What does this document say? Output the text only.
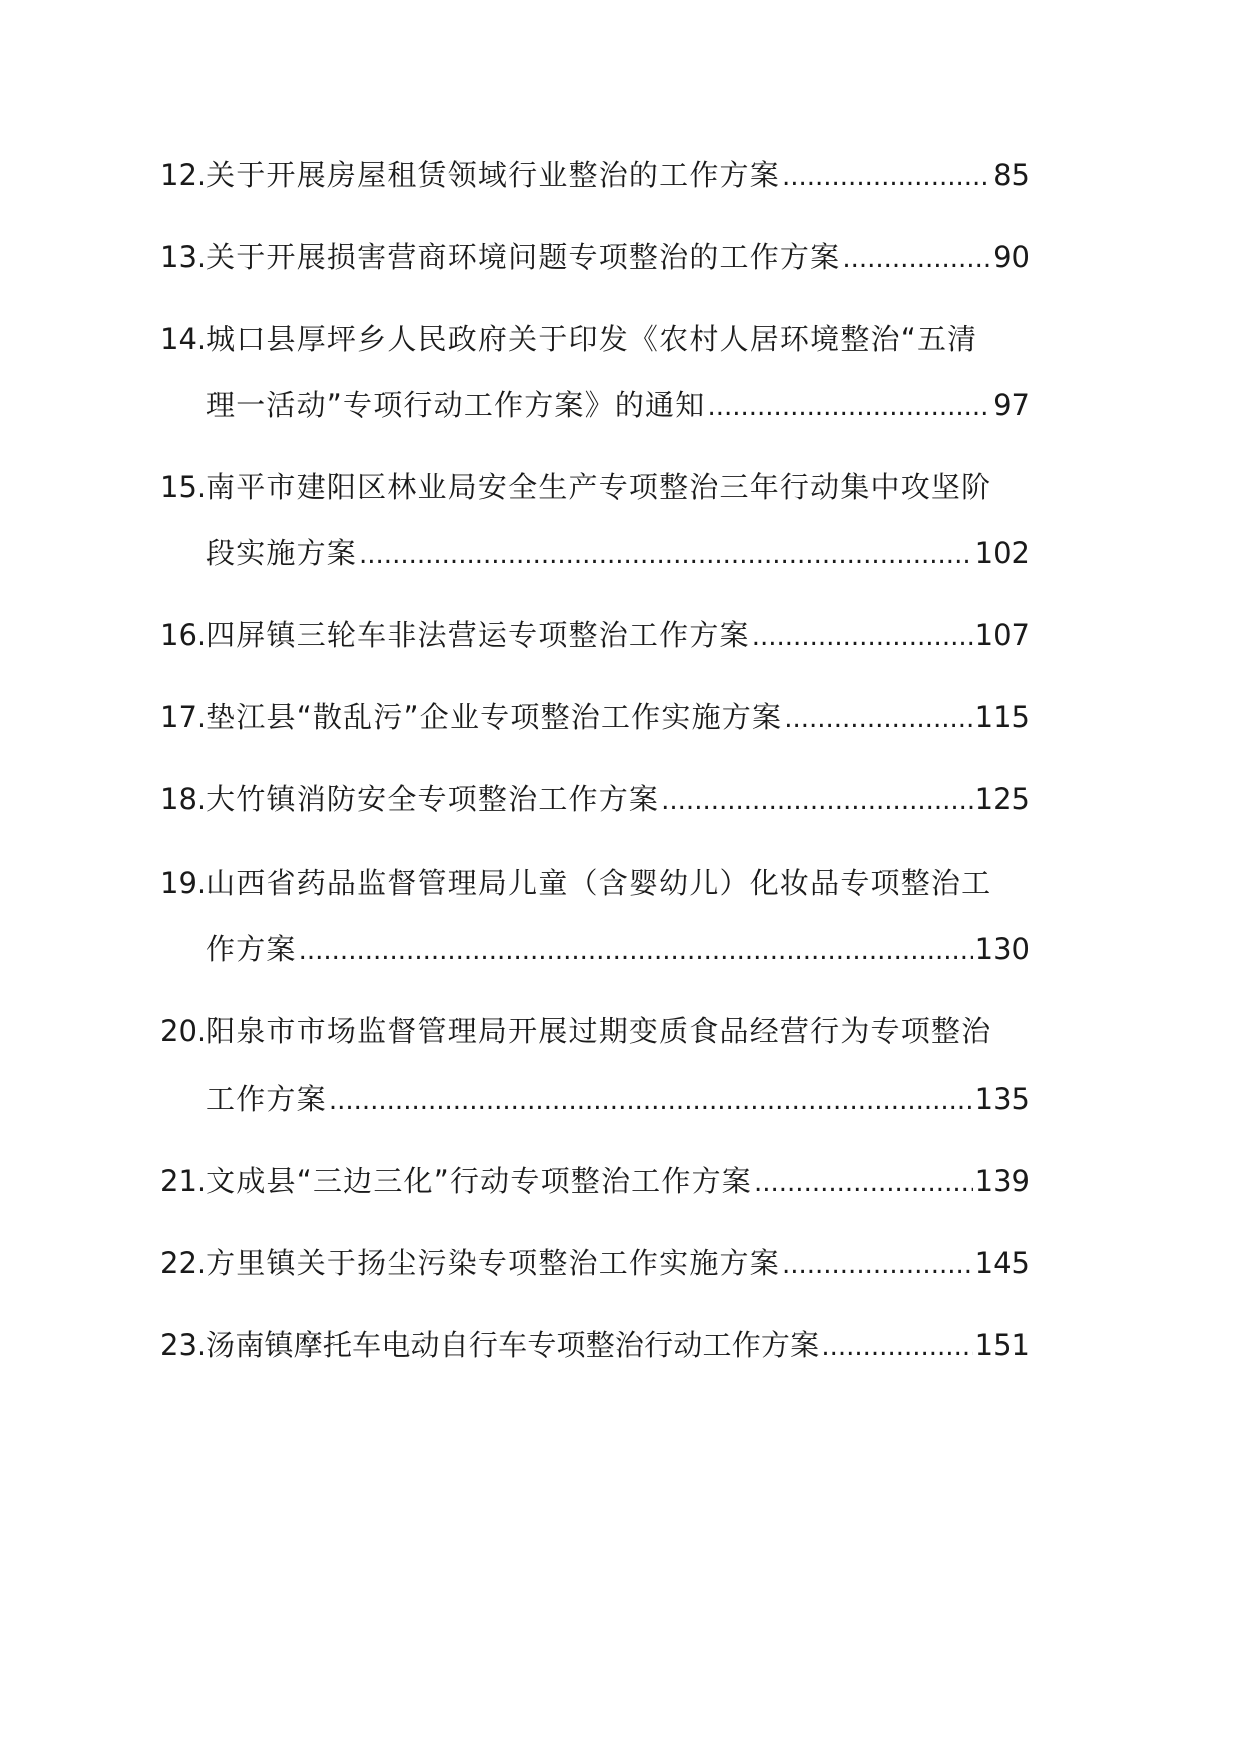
12. 关于开展房屋租赁领域行业整治的工作方案 .....	85
13. 关于开展损害营商环境问题专项整治的工作方案 .....	90
14. 城口县厚坪乡人民政府关于印发《农村人居环境整治“五清
理一活动”专项行动工作方案》的通知 .....	97
15. 南平市建阳区林业局安全生产专项整治三年行动集中攻坚阶
段实施方案 .....	102
16. 四屏镇三轮车非法营运专项整治工作方案 .....	107
17. 垫江县“散乱污”企业专项整治工作实施方案 .....	115
18. 大竹镇消防安全专项整治工作方案 .....	125
19. 山西省药品监督管理局儿童（含婴幼儿）化妆品专项整治工
作方案 .....	130
20. 阳泉市市场监督管理局开展过期变质食品经营行为专项整治
工作方案 .....	135
21. 文成县“三边三化”行动专项整治工作方案 .....	139
22. 方里镇关于扬尘污染专项整治工作实施方案 .....	145
23. 汤南镇摩托车电动自行车专项整治行动工作方案 .....	151
